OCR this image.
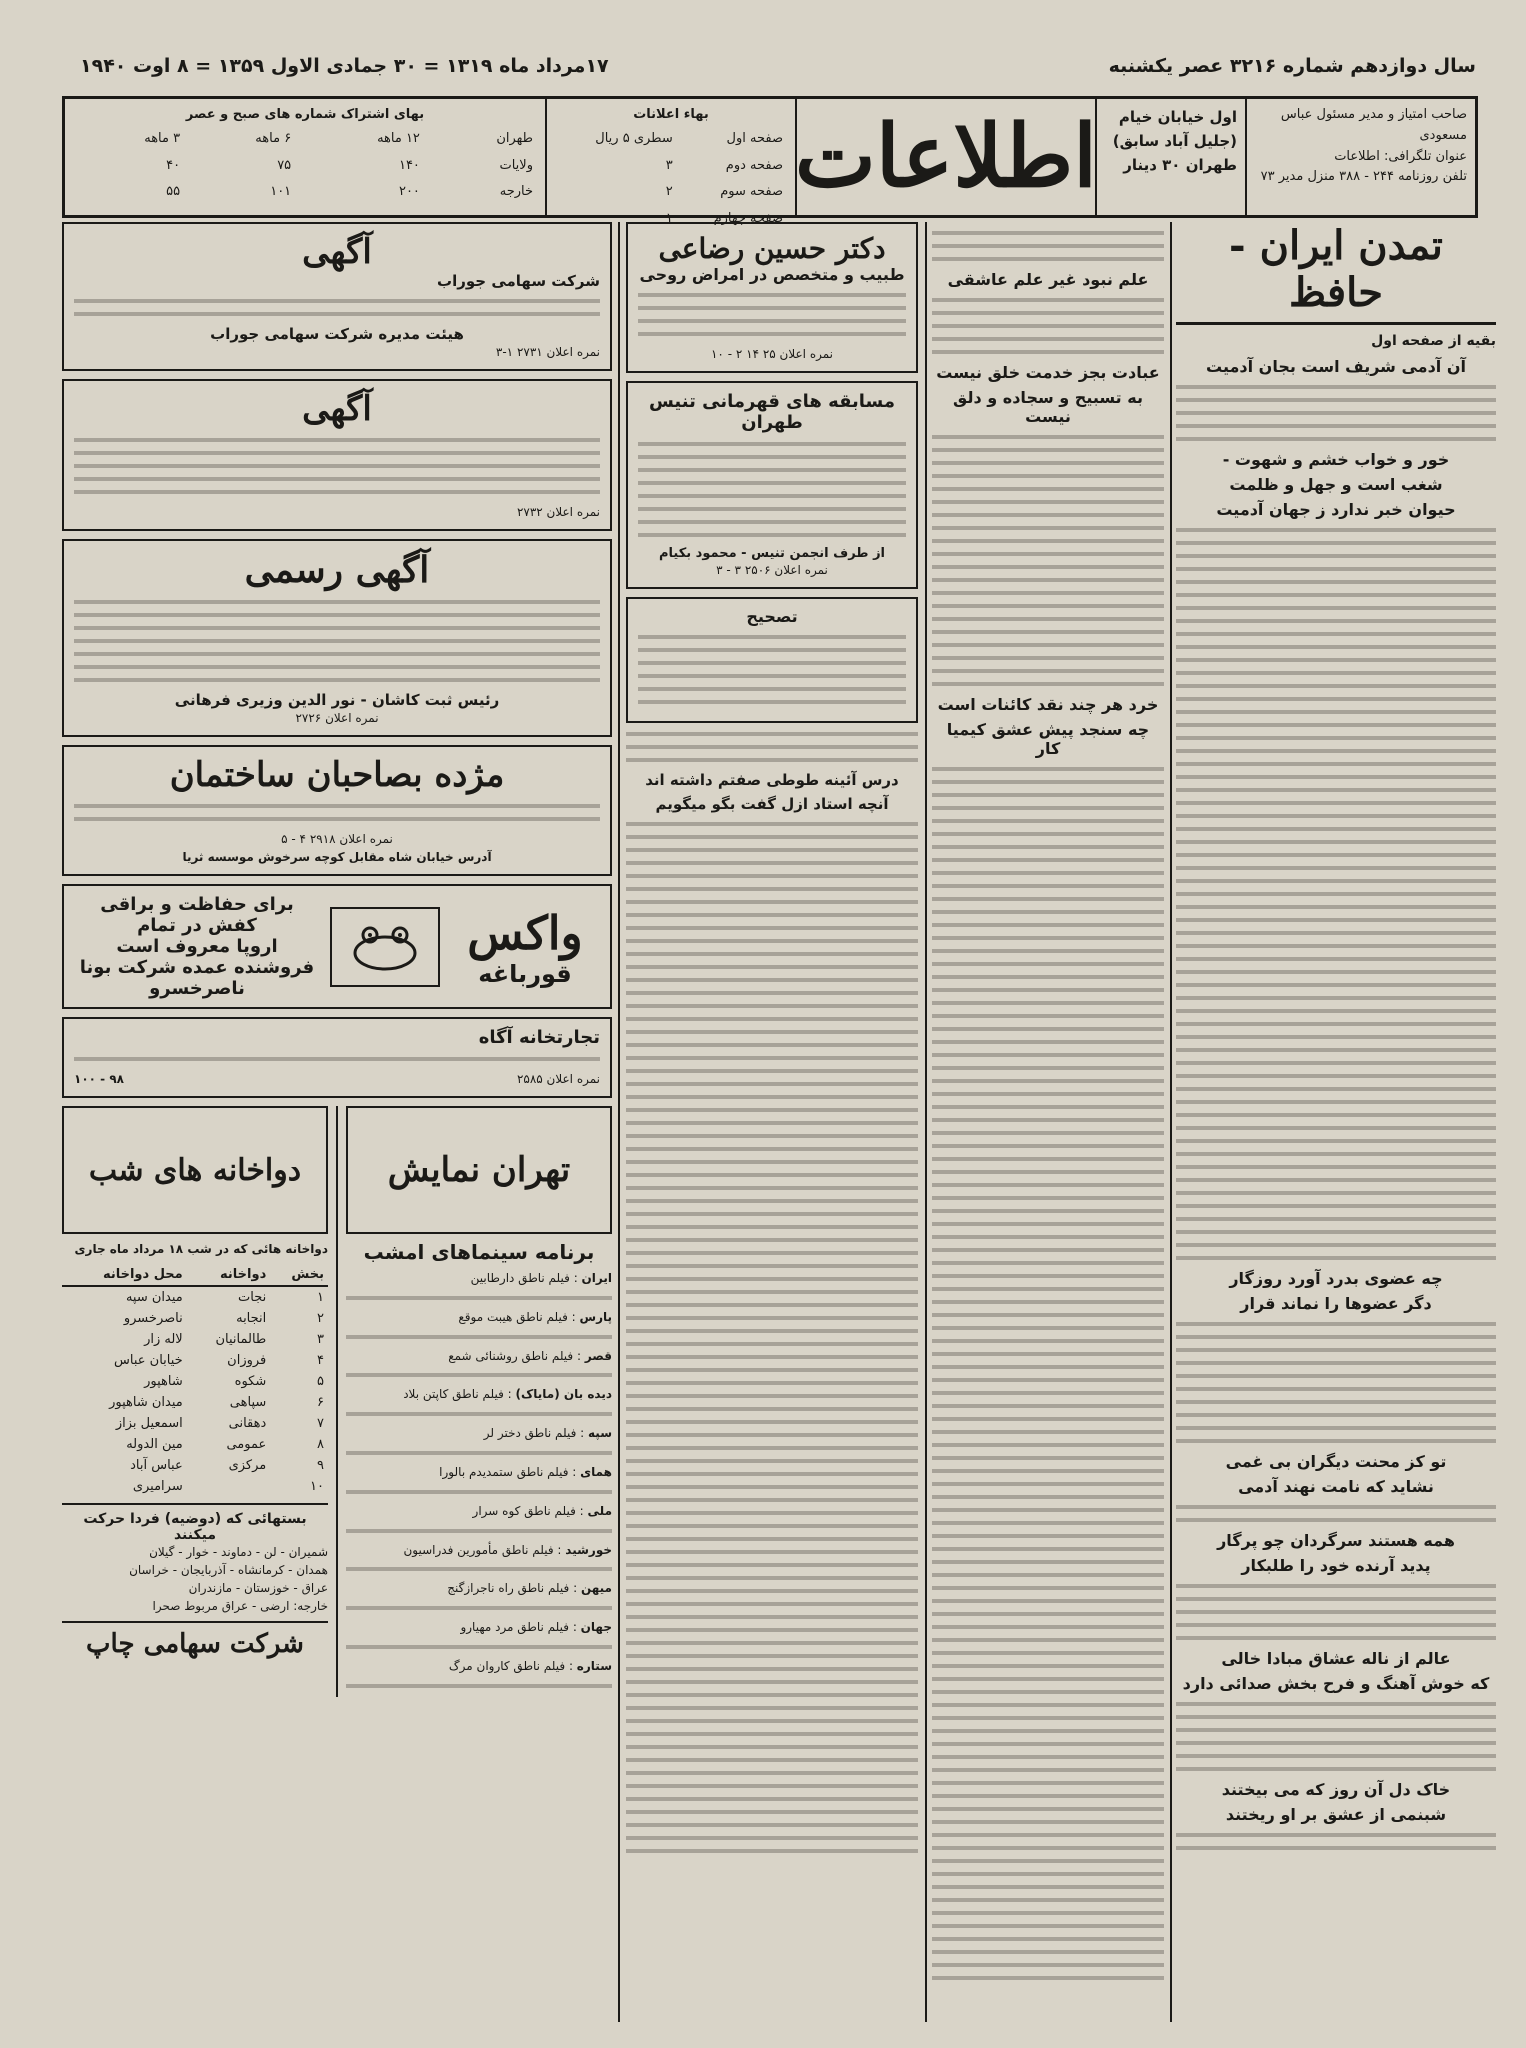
سال دوازدهم شماره ۳۲۱۶ عصر یکشنبه
۱۷مرداد ماه ۱۳۱۹ = ۳۰ جمادی الاول ۱۳۵۹ = ۸ اوت ۱۹۴۰
صاحب امتیاز و مدیر مسئول عباس مسعودی
عنوان تلگرافی: اطلاعات
تلفن روزنامه ۲۴۴ - ۳۸۸ منزل مدیر ۷۳
اول خیابان خیام
(جلیل آباد سابق)
طهران ۳۰ دینار
اطلاعات
بهاء اعلانات
صفحه اول	سطری ۵ ریال
صفحه دوم	۳
صفحه سوم	۲
صفحه چهارم	۱
بهای اشتراک شماره های صبح و عصر
طهران	۱۲ ماهه	۶ ماهه	۳ ماهه
ولایات	۱۴۰	۷۵	۴۰
خارجه	۲۰۰	۱۰۱	۵۵
تمدن ایران - حافظ
بقیه از صفحه اول
آن آدمی شریف است بجان آدمیت
خور و خواب خشم و شهوت -
شغب است و جهل و ظلمت
حیوان خبر ندارد ز جهان آدمیت
چه عضوی بدرد آورد روزگار
دگر عضوها را نماند قرار
تو کز محنت دیگران بی غمی
نشاید که نامت نهند آدمی
همه هستند سرگردان چو پرگار
پدید آرنده خود را طلبکار
عالم از ناله عشاق مبادا خالی
که خوش آهنگ و فرح بخش صدائی دارد
خاک دل آن روز که می بیختند
شبنمی از عشق بر او ریختند
علم نبود غیر علم عاشقی
عبادت بجز خدمت خلق نیست
به تسبیح و سجاده و دلق نیست
خرد هر چند نقد کائنات است
چه سنجد پیش عشق کیمیا کار
دکتر حسین رضاعی
طبیب و متخصص در امراض روحی
نمره اعلان ۲۵ ۱۴ ۲ - ۱۰
مسابقه های قهرمانی تنیس طهران
از طرف انجمن تنیس - محمود بکیام
نمره اعلان ۲۵۰۶ ۳ - ۳
تصحیح
درس آئینه طوطی صفتم داشته اند
آنچه استاد ازل گفت بگو میگویم
آگهی
شرکت سهامی جوراب
هیئت مدیره شرکت سهامی جوراب
نمره اعلان ۲۷۳۱ ۱-۳
آگهی
نمره اعلان ۲۷۳۲
آگهی رسمی
رئیس ثبت کاشان - نور الدین وزیری فرهانی
نمره اعلان ۲۷۲۶
مژده بصاحبان ساختمان
نمره اعلان ۲۹۱۸ ۴ - ۵
آدرس خیابان شاه مقابل کوچه سرخوش موسسه ثریا
واکس
قورباغه
برای حفاظت و براقی کفش در تمام
اروپا معروف است
فروشنده عمده شرکت بونا ناصرخسرو
تجارتخانه آگاه
نمره اعلان ۲۵۸۵
۹۸ - ۱۰۰
تهران نمایش
برنامه سینماهای امشب
ایران : فیلم ناطق دارطابین
پارس : فیلم ناطق هیبت موقع
قصر : فیلم ناطق روشنائی شمع
دیده بان (مایاک) : فیلم ناطق کاپتن بلاد
سپه : فیلم ناطق دختر لر
همای : فیلم ناطق ستمدیدم بالورا
ملی : فیلم ناطق کوه سرار
خورشید : فیلم ناطق مأمورین فدراسیون
میهن : فیلم ناطق راه ناجرازگنج
جهان : فیلم ناطق مرد مهیارو
ستاره : فیلم ناطق کاروان مرگ
دواخانه های شب
دواخانه هائی که در شب ۱۸ مرداد ماه جاری
بخش	دواخانه	محل دواخانه
۱	نجات	میدان سپه
۲	انجابه	ناصرخسرو
۳	طالمانیان	لاله زار
۴	فروزان	خیابان عباس
۵	شکوه	شاهپور
۶	سپاهی	میدان شاهپور
۷	دهقانی	اسمعیل بزاز
۸	عمومی	مین الدوله
۹	مرکزی	عباس آباد
۱۰		سرامیری
بستهائی که (دوضیه) فردا حرکت میکنند
شمیران - لن - دماوند - خوار - گیلان
همدان - کرمانشاه - آذربایجان - خراسان
عراق - خوزستان - مازندران
خارجه: ارضی - عراق مربوط صحرا
شرکت سهامی چاپ
